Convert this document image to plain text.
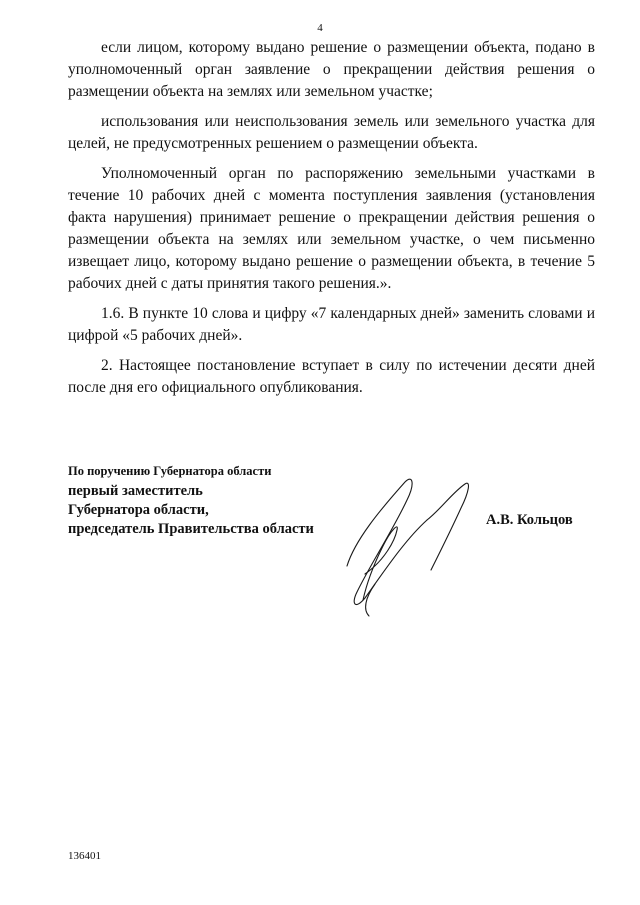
4

если лицом, которому выдано решение о размещении объекта, подано в уполномоченный орган заявление о прекращении действия решения о размещении объекта на землях или земельном участке;

использования или неиспользования земель или земельного участка для целей, не предусмотренных решением о размещении объекта.

Уполномоченный орган по распоряжению земельными участками в течение 10 рабочих дней с момента поступления заявления (установления факта нарушения) принимает решение о прекращении действия решения о размещении объекта на землях или земельном участке, о чем письменно извещает лицо, которому выдано решение о размещении объекта, в течение 5 рабочих дней с даты принятия такого решения.».

1.6. В пункте 10 слова и цифру «7 календарных дней» заменить словами и цифрой «5 рабочих дней».

2. Настоящее постановление вступает в силу по истечении десяти дней после дня его официального опубликования.

По поручению Губернатора области
первый заместитель
Губернатора области,
председатель Правительства области
А.В. Кольцов
136401
